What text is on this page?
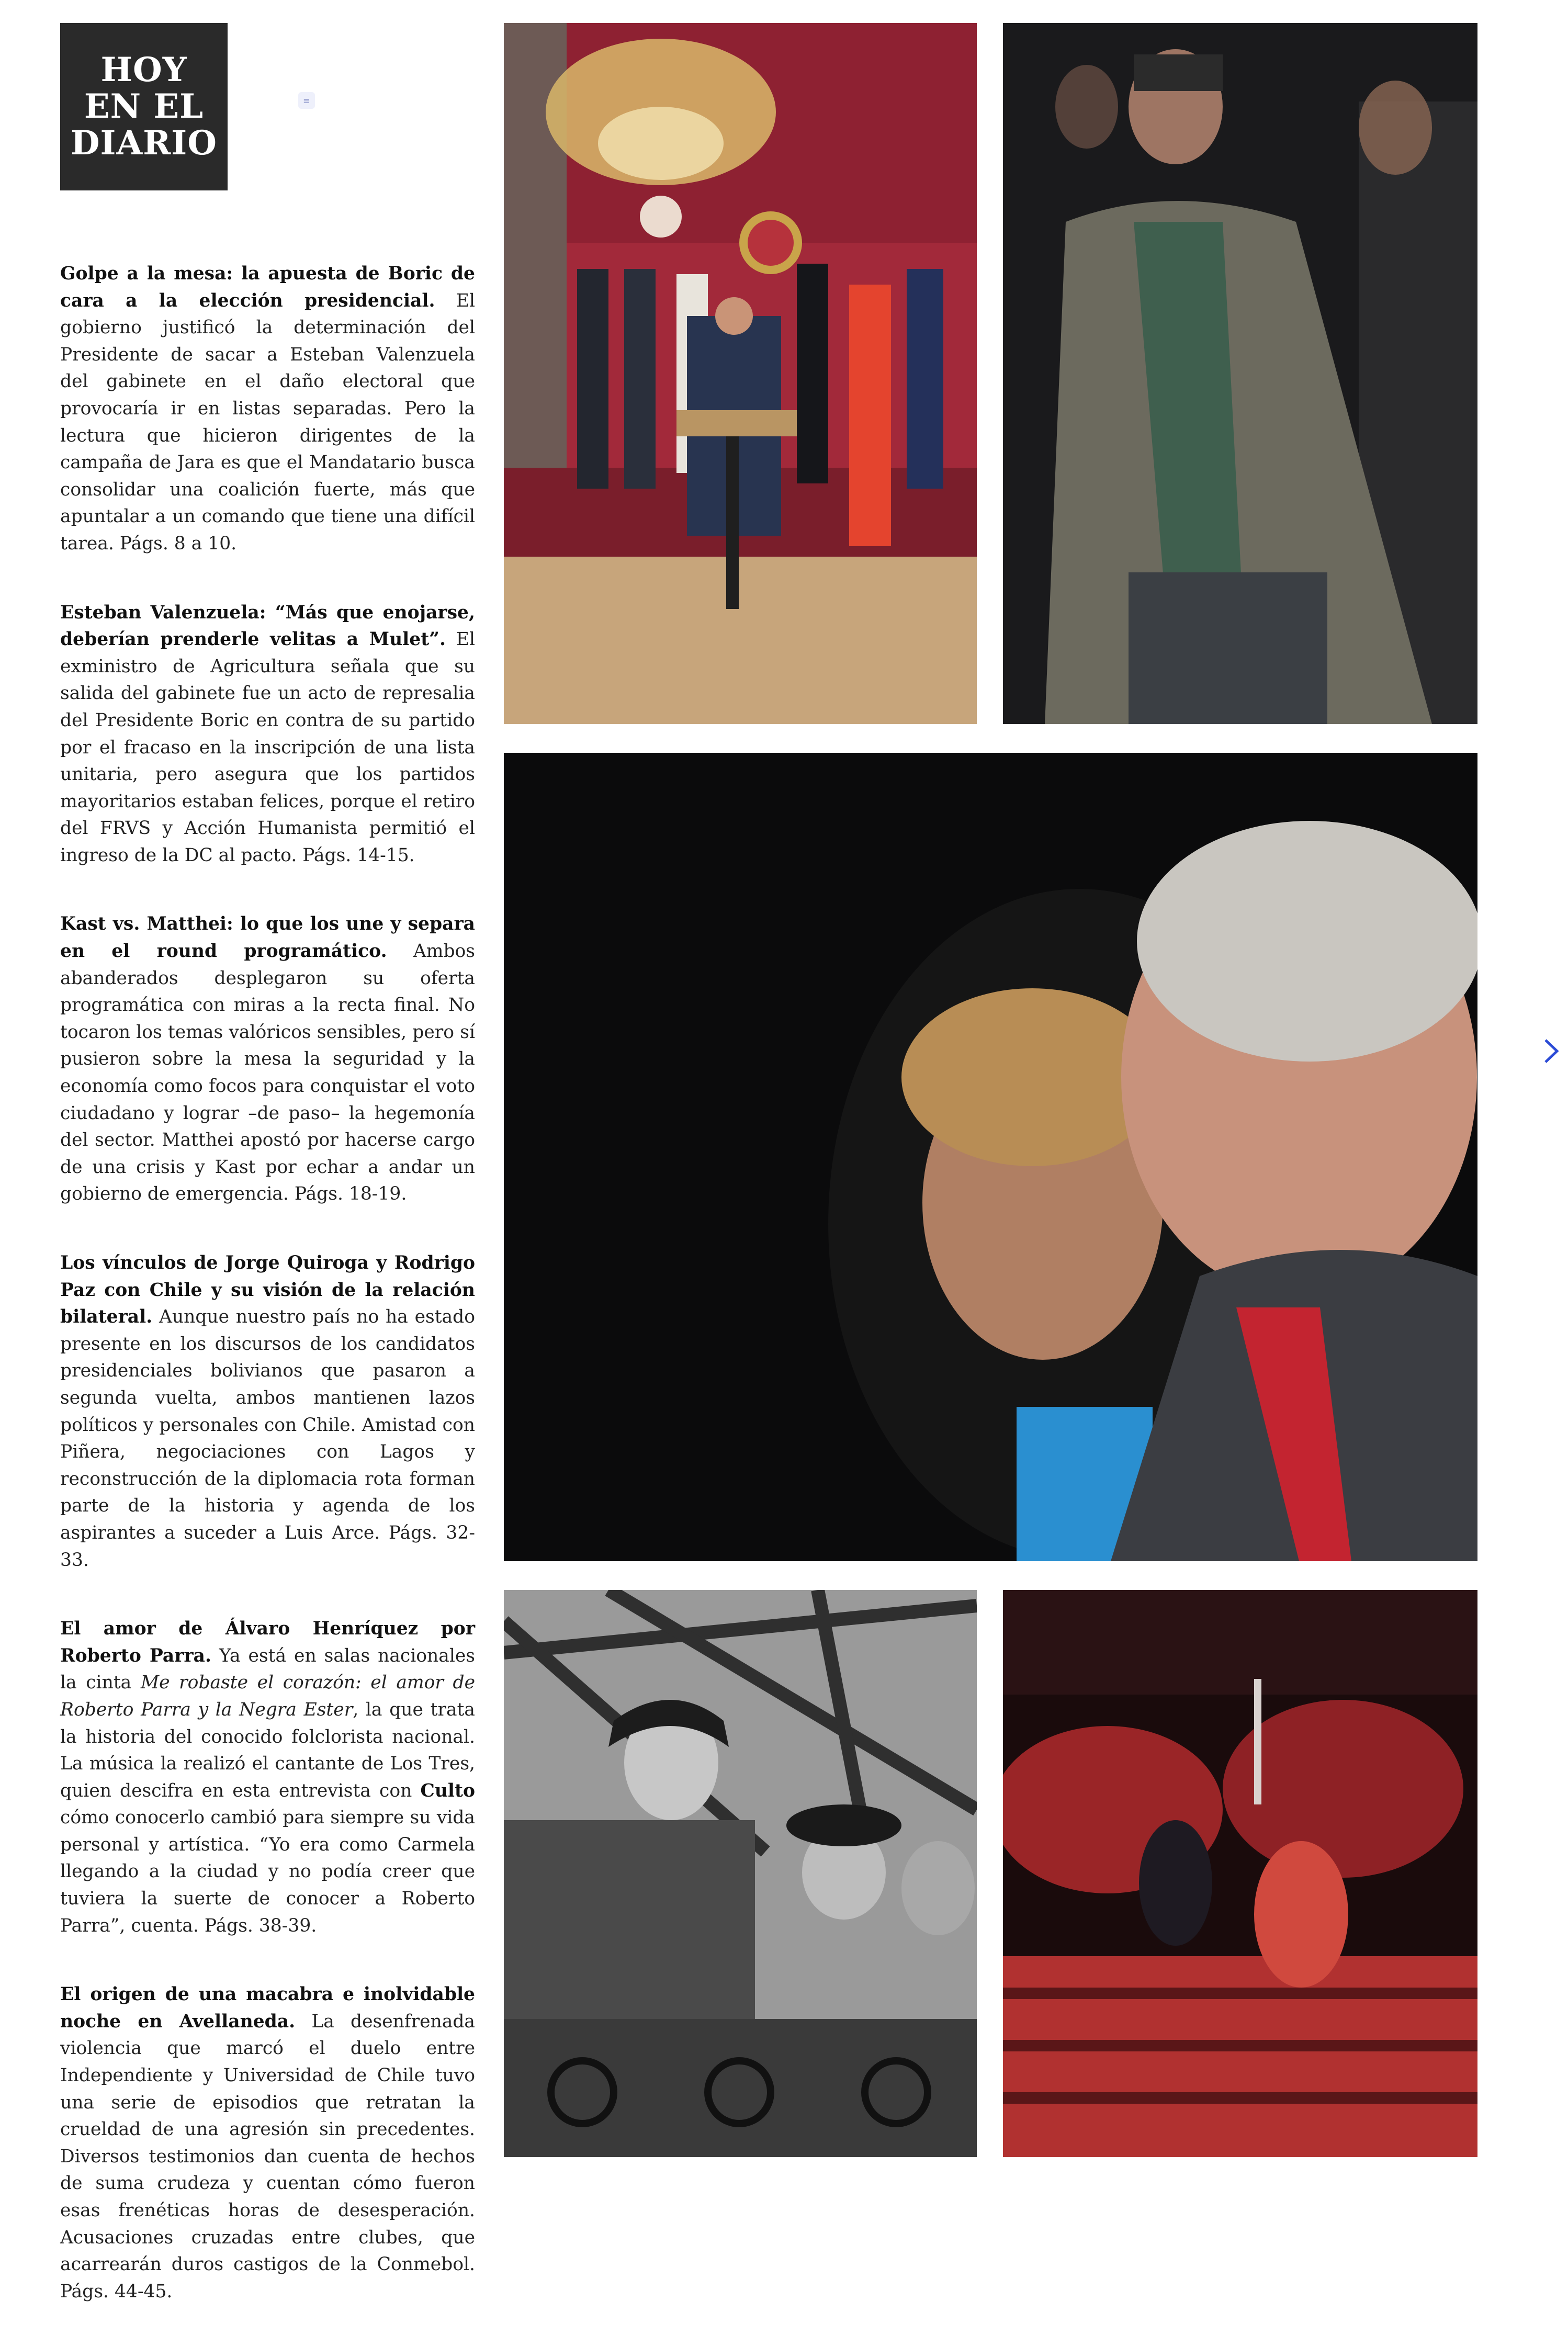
HOY
EN EL
DIARIO
≡

Golpe a la mesa: la apuesta de Boric de cara a la elección presidencial. El gobierno justificó la determinación del Presidente de sacar a Esteban Valenzuela del gabinete en el daño electoral que provocaría ir en listas separadas. Pero la lectura que hicieron dirigentes de la campaña de Jara es que el Mandatario busca consolidar una coalición fuerte, más que apuntalar a un comando que tiene una difícil tarea. Págs. 8 a 10.

Esteban Valenzuela: “Más que enojarse, deberían prenderle velitas a Mulet”. El exministro de Agricultura señala que su salida del gabinete fue un acto de represalia del Presidente Boric en contra de su partido por el fracaso en la inscripción de una lista unitaria, pero asegura que los partidos mayoritarios estaban felices, porque el retiro del FRVS y Acción Humanista permitió el ingreso de la DC al pacto. Págs. 14-15.

Kast vs. Matthei: lo que los une y separa en el round programático. Ambos abanderados desplegaron su oferta programática con miras a la recta final. No tocaron los temas valóricos sensibles, pero sí pusieron sobre la mesa la seguridad y la economía como focos para conquistar el voto ciudadano y lograr –de paso– la hegemonía del sector. Matthei apostó por hacerse cargo de una crisis y Kast por echar a andar un gobierno de emergencia. Págs. 18-19.

Los vínculos de Jorge Quiroga y Rodrigo Paz con Chile y su visión de la relación bilateral. Aunque nuestro país no ha estado presente en los discursos de los candidatos presidenciales bolivianos que pasaron a segunda vuelta, ambos mantienen lazos políticos y personales con Chile. Amistad con Piñera, negociaciones con Lagos y reconstrucción de la diplomacia rota forman parte de la historia y agenda de los aspirantes a suceder a Luis Arce. Págs. 32-33.

El amor de Álvaro Henríquez por Roberto Parra. Ya está en salas nacionales la cinta Me robaste el corazón: el amor de Roberto Parra y la Negra Ester, la que trata la historia del conocido folclorista nacional. La música la realizó el cantante de Los Tres, quien descifra en esta entrevista con Culto cómo conocerlo cambió para siempre su vida personal y artística. “Yo era como Carmela llegando a la ciudad y no podía creer que tuviera la suerte de conocer a Roberto Parra”, cuenta. Págs. 38-39.

El origen de una macabra e inolvidable noche en Avellaneda. La desenfrenada violencia que marcó el duelo entre Independiente y Universidad de Chile tuvo una serie de episodios que retratan la crueldad de una agresión sin precedentes. Diversos testimonios dan cuenta de hechos de suma crudeza y cuentan cómo fueron esas frenéticas horas de desesperación. Acusaciones cruzadas entre clubes, que acarrearán duros castigos de la Conmebol. Págs. 44-45.
